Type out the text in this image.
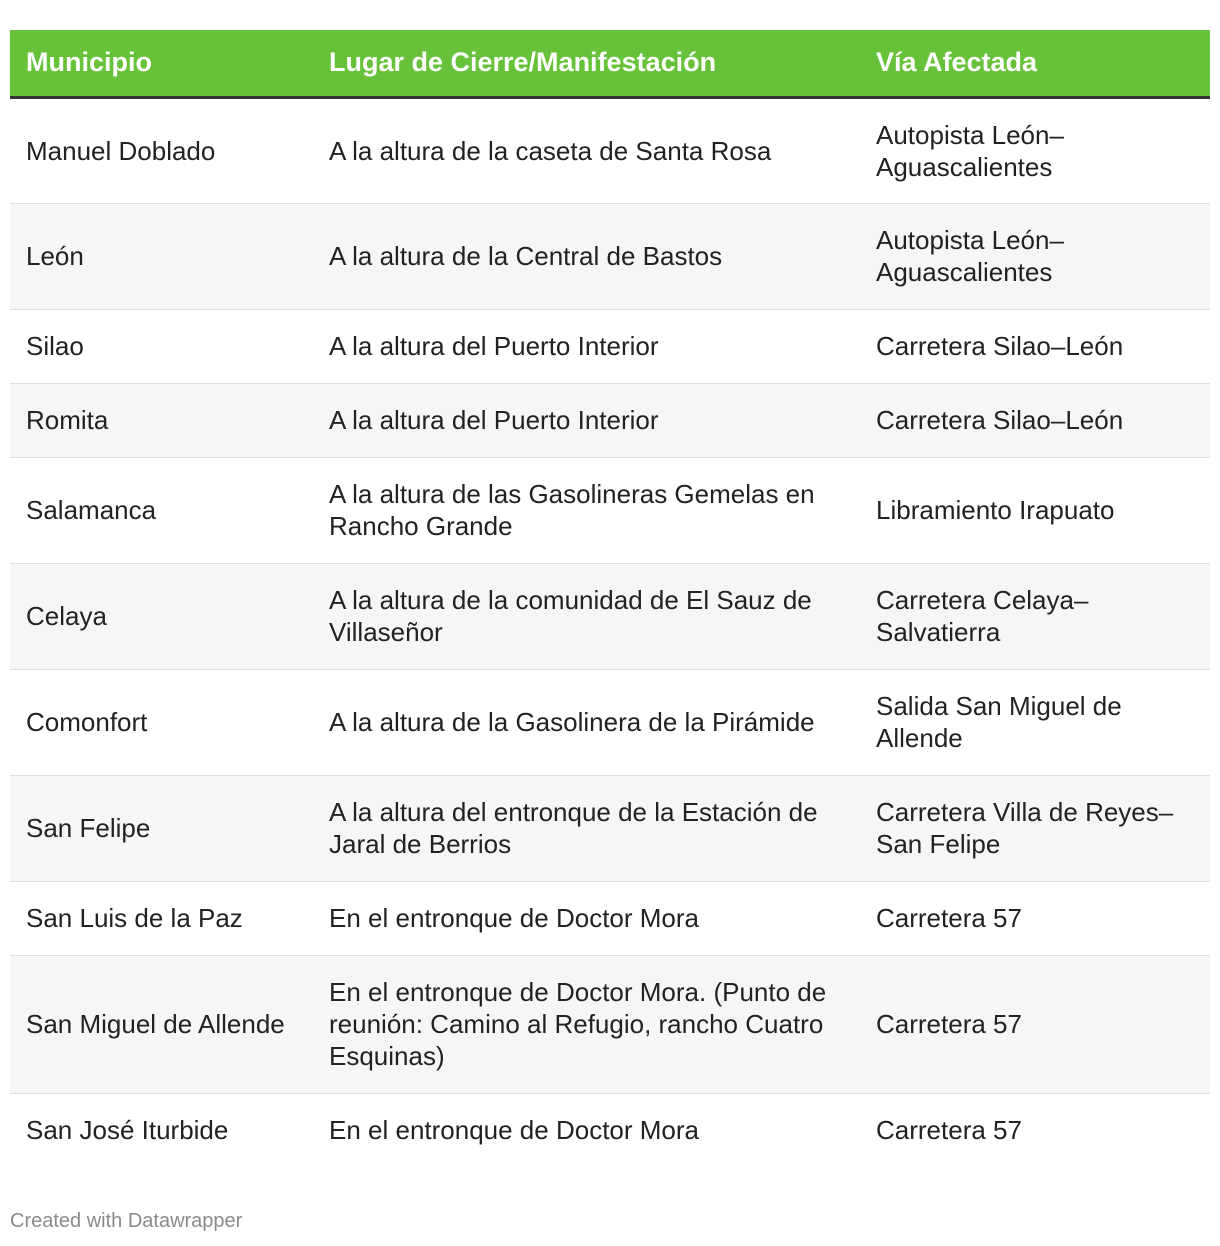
Municipio	Lugar de Cierre/Manifestación	Vía Afectada
Manuel Doblado	A la altura de la caseta de Santa Rosa	Autopista León–Aguascalientes
León	A la altura de la Central de Bastos	Autopista León–Aguascalientes
Silao	A la altura del Puerto Interior	Carretera Silao–León
Romita	A la altura del Puerto Interior	Carretera Silao–León
Salamanca	A la altura de las Gasolineras Gemelas en Rancho Grande	Libramiento Irapuato
Celaya	A la altura de la comunidad de El Sauz de Villaseñor	Carretera Celaya–Salvatierra
Comonfort	A la altura de la Gasolinera de la Pirámide	Salida San Miguel de Allende
San Felipe	A la altura del entronque de la Estación de Jaral de Berrios	Carretera Villa de Reyes–San Felipe
San Luis de la Paz	En el entronque de Doctor Mora	Carretera 57
San Miguel de Allende	En el entronque de Doctor Mora. (Punto de reunión: Camino al Refugio, rancho Cuatro Esquinas)	Carretera 57
San José Iturbide	En el entronque de Doctor Mora	Carretera 57
Created with Datawrapper
